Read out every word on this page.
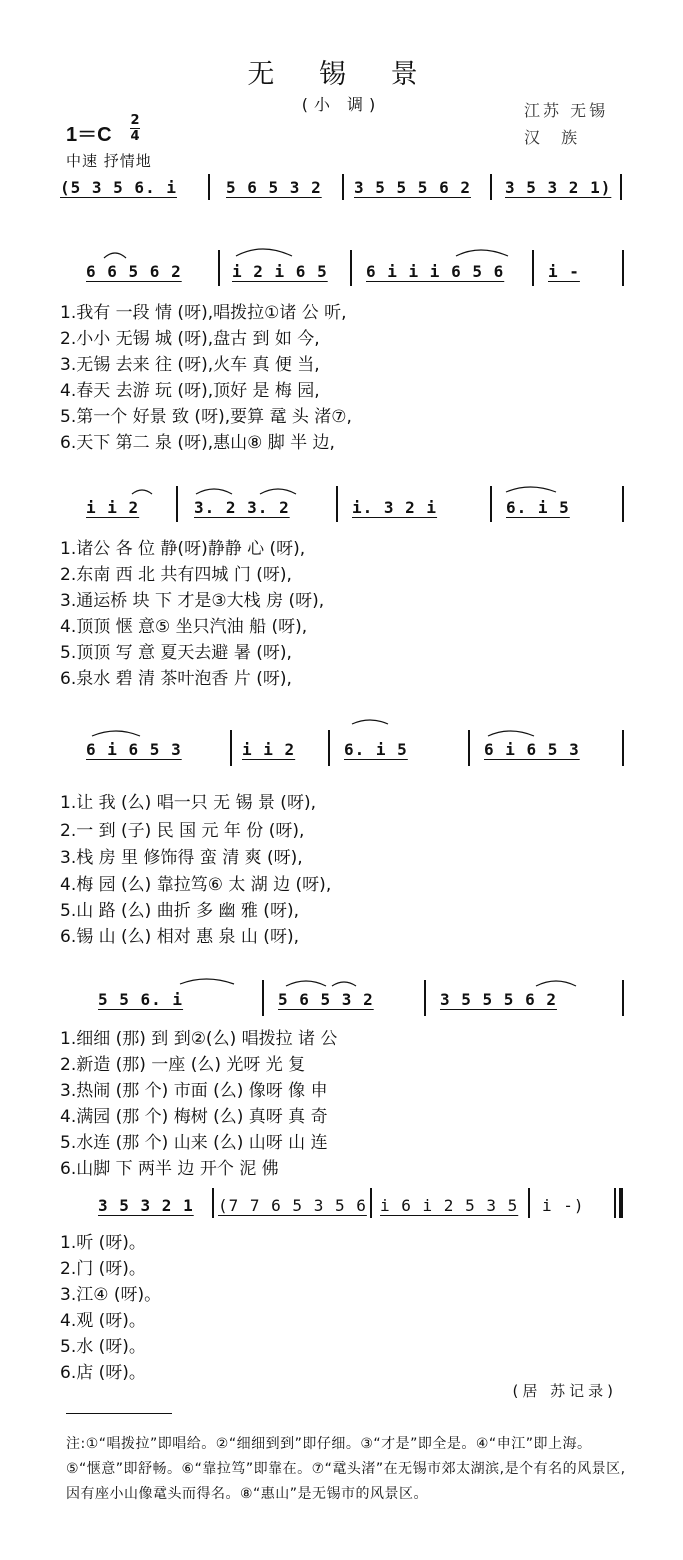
无 锡 景
(小 调)	江苏 无锡
汉 族
1＝C
2
4
中速 抒情地
(5 3 5 6. i	5 6 5 3 2 3 5 5 5 6 2 3 5 3 2 1)
6 6 5 6 2	i 2 i 6 5 6 i i i 6 5 6	i -
1.我有 一段 情 (呀),唱拨拉①诸 公 听,
2.小小 无锡 城 (呀),盘古 到 如 今,
3.无锡 去来 往 (呀),火车 真 便 当,
4.春天 去游 玩 (呀),顶好 是 梅 园,
5.第一个 好景 致 (呀),要算 鼋 头 渚⑦,
6.天下 第二 泉 (呀),惠山⑧ 脚 半 边,
i i 2	3. 2 3. 2	i. 3 2 i	6. i 5
1.诸公 各 位 静(呀)静静 心 (呀),
2.东南 西 北 共有四城 门 (呀),
3.通运桥 块 下 才是③大栈 房 (呀),
4.顶顶 惬 意⑤ 坐只汽油 船 (呀),
5.顶顶 写 意 夏天去避 暑 (呀),
6.泉水 碧 清 茶叶泡香 片 (呀),
6 i 6 5 3	i i 2	6. i 5	6 i 6 5 3
1.让 我 (么) 唱一只 无 锡 景 (呀),
2.一 到 (子) 民 国 元 年 份 (呀),
3.栈 房 里 修饰得 蛮 清 爽 (呀),
4.梅 园 (么) 靠拉笃⑥ 太 湖 边 (呀),
5.山 路 (么) 曲折 多 幽 雅 (呀),
6.锡 山 (么) 相对 惠 泉 山 (呀),
5 5 6. i	5 6 5 3 2	3 5 5 5 6 2
1.细细 (那) 到 到②(么) 唱拨拉 诸 公
2.新造 (那) 一座 (么) 光呀 光 复
3.热闹 (那 个) 市面 (么) 像呀 像 申
4.满园 (那 个) 梅树 (么) 真呀 真 奇
5.水连 (那 个) 山来 (么) 山呀 山 连
6.山脚 下 两半 边 开个 泥 佛
3 5 3 2 1 (7 7 6 5 3 5 6 i 6 i 2 5 3 5 i -)
1.听 (呀)。
2.门 (呀)。
3.江④ (呀)。
4.观 (呀)。
5.水 (呀)。
6.店 (呀)。
(居 苏记录)
注:①“唱拨拉”即唱给。②“细细到到”即仔细。③“才是”即全是。④“申江”即上海。⑤“惬意”即舒畅。⑥“靠拉笃”即靠在。⑦“鼋头渚”在无锡市郊太湖滨,是个有名的风景区,因有座小山像鼋头而得名。⑧“惠山”是无锡市的风景区。
